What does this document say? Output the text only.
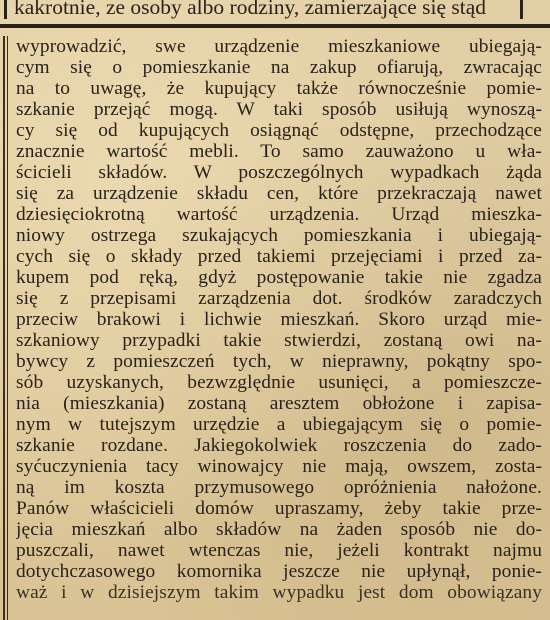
kakrotnie, ze osoby albo rodziny, zamierzające się stąd
wyprowadzić, swe urządzenie mieszkaniowe ubiegają-
cym się o pomieszkanie na zakup ofiarują, zwracając
na to uwagę, że kupujący także równocześnie pomie-
szkanie przejąć mogą. W taki sposób usiłują wynoszą-
cy się od kupujących osiągnąć odstępne, przechodzące
znacznie wartość mebli. To samo zauważono u wła-
ścicieli składów. W poszczególnych wypadkach żąda
się za urządzenie składu cen, które przekraczają nawet
dziesięciokrotną wartość urządzenia. Urząd mieszka-
niowy ostrzega szukających pomieszkania i ubiegają-
cych się o składy przed takiemi przejęciami i przed za-
kupem pod ręką, gdyż postępowanie takie nie zgadza
się z przepisami zarządzenia dot. środków zaradczych
przeciw brakowi i lichwie mieszkań. Skoro urząd mie-
szkaniowy przypadki takie stwierdzi, zostaną owi na-
bywcy z pomieszczeń tych, w nieprawny, pokątny spo-
sób uzyskanych, bezwzględnie usunięci, a pomieszcze-
nia (mieszkania) zostaną aresztem obłożone i zapisa-
nym w tutejszym urzędzie a ubiegającym się o pomie-
szkanie rozdane. Jakiegokolwiek roszczenia do zado-
syćuczynienia tacy winowajcy nie mają, owszem, zosta-
ną im koszta przymusowego opróżnienia nałożone.
Panów właścicieli domów upraszamy, żeby takie prze-
jęcia mieszkań albo składów na żaden sposób nie do-
puszczali, nawet wtenczas nie, jeżeli kontrakt najmu
dotychczasowego komornika jeszcze nie upłynął, ponie-
waż i w dzisiejszym takim wypadku jest dom obowiązany
